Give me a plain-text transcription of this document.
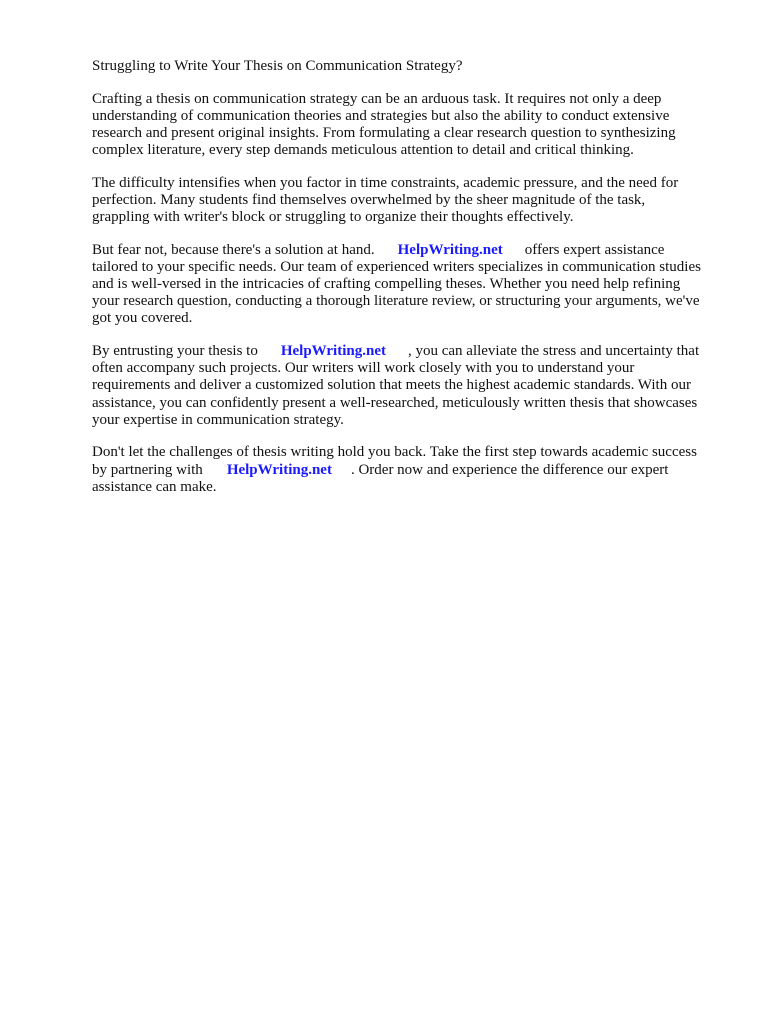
Struggling to Write Your Thesis on Communication Strategy?
Crafting a thesis on communication strategy can be an arduous task. It requires not only a deep
understanding of communication theories and strategies but also the ability to conduct extensive
research and present original insights. From formulating a clear research question to synthesizing
complex literature, every step demands meticulous attention to detail and critical thinking.
The difficulty intensifies when you factor in time constraints, academic pressure, and the need for
perfection. Many students find themselves overwhelmed by the sheer magnitude of the task,
grappling with writer's block or struggling to organize their thoughts effectively.
But fear not, because there's a solution at hand. HelpWriting.net offers expert assistance
tailored to your specific needs. Our team of experienced writers specializes in communication studies
and is well-versed in the intricacies of crafting compelling theses. Whether you need help refining
your research question, conducting a thorough literature review, or structuring your arguments, we've
got you covered.
By entrusting your thesis to HelpWriting.net , you can alleviate the stress and uncertainty that
often accompany such projects. Our writers will work closely with you to understand your
requirements and deliver a customized solution that meets the highest academic standards. With our
assistance, you can confidently present a well-researched, meticulously written thesis that showcases
your expertise in communication strategy.
Don't let the challenges of thesis writing hold you back. Take the first step towards academic success
by partnering with HelpWriting.net . Order now and experience the difference our expert
assistance can make.
